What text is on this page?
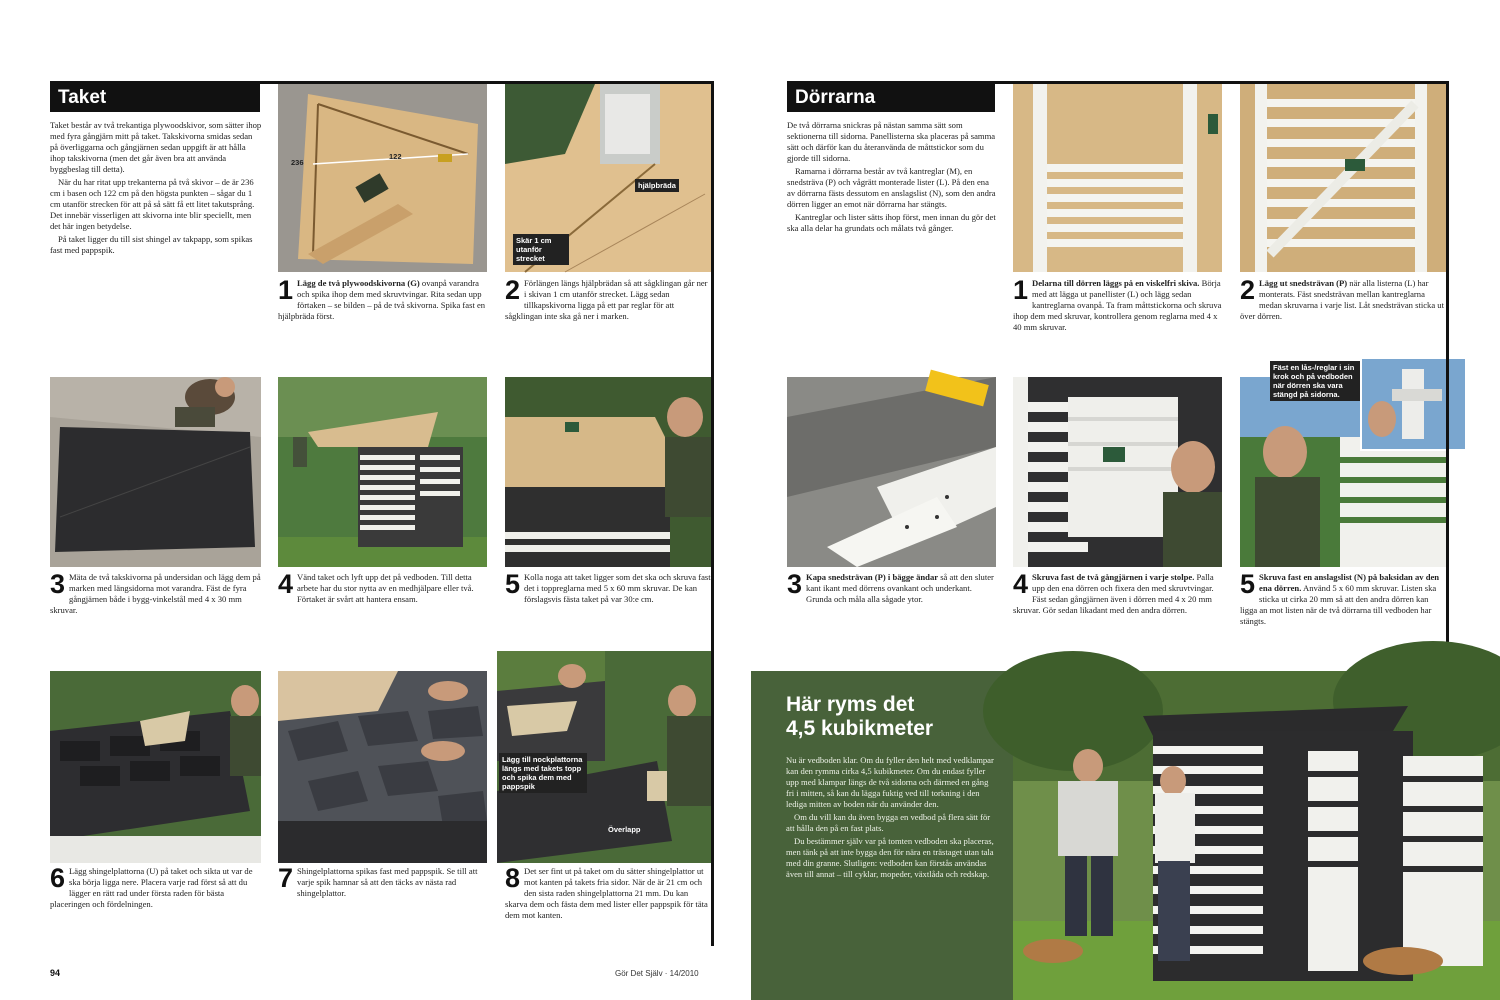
Taket

Taket består av två trekantiga plywoodskivor, som sätter ihop med fyra gångjärn mitt på taket. Takskivorna smidas sedan på överliggarna och gångjärnen sedan uppgift är att hålla ihop takskivorna (men det går även bra att använda byggbeslag till detta).

När du har ritat upp trekanterna på två skivor – de är 236 cm i basen och 122 cm på den högsta punkten – sågar du 1 cm utanför strecken för att på så sätt få ett litet takutsprång. Det innebär visserligen att skivorna inte blir speciellt, men det här ingen betydelse.

På taket ligger du till sist shingel av takpapp, som spikas fast med pappspik.

122
236
hjälpbräda
Skär 1 cm utanför strecket
1 Lägg de två plywoodskivorna (G) ovanpå varandra och spika ihop dem med skruvtvingar. Rita sedan upp förtaken – se bilden – på de två skivorna. Spika fast en hjälpbräda först.
2 Förlängen längs hjälpbrädan så att sågklingan går ner i skivan 1 cm utanför strecket. Lägg sedan tillkapskivorna ligga på ett par reglar för att sågklingan inte ska gå ner i marken.
3 Mäta de två takskivorna på undersidan och lägg dem på marken med längsidorna mot varandra. Fäst de fyra gångjärnen både i bygg-vinkelstål med 4 x 30 mm skruvar.
4 Vänd taket och lyft upp det på vedboden. Till detta arbete har du stor nytta av en medhjälpare eller två. Förtaket är svårt att hantera ensam.	5 Kolla noga att taket ligger som det ska och skruva fast det i toppreglarna med 5 x 60 mm skruvar. De kan förslagsvis fästa taket på var 30:e cm.
Lägg till nockplattorna längs med takets topp och spika dem med pappspik
Överlapp
6 Lägg shingelplattorna (U) på taket och sikta ut var de ska börja ligga nere. Placera varje rad först så att du lägger en rätt rad under första raden för bästa placeringen och fördelningen.
7 Shingelplattorna spikas fast med pappspik. Se till att varje spik hamnar så att den täcks av nästa rad shingelplattor.	8 Det ser fint ut på taket om du sätter shingelplattor ut mot kanten på takets fria sidor. När de är 21 cm och den sista raden shingelplattorna 21 mm. Du kan skarva dem och fästa dem med lister eller pappspik för täta dem mot kanten.
94	Gör Det Själv · 14/2010
Dörrarna

De två dörrarna snickras på nästan samma sätt som sektionerna till sidorna. Panellisterna ska placeras på samma sätt och därför kan du återanvända de måttstickor som du gjorde till sidorna.

Ramarna i dörrarna består av två kantreglar (M), en snedsträva (P) och vågrätt monterade lister (L). På den ena av dörrarna fästs dessutom en anslagslist (N), som den andra dörren ligger an emot när dörrarna har stängts.

Kantreglar och lister sätts ihop först, men innan du gör det ska alla delar ha grundats och målats två gånger.

1 Delarna till dörren läggs på en viskelfri skiva. Börja med att lägga ut panellister (L) och lägg sedan kantreglarna ovanpå. Ta fram måttstickorna och skruva ihop dem med skruvar, kontrollera genom reglarna med 4 x 40 mm skruvar.
2 Lägg ut snedsträvan (P) när alla listerna (L) har monterats. Fäst snedsträvan mellan kantreglarna medan skruvarna i varje list. Låt snedsträvan sticka ut över dörren.
Fäst en lås-/reglar i sin krok och på vedboden när dörren ska vara stängd på sidorna.
3 Kapa snedsträvan (P) i bägge ändar så att den sluter kant ikant med dörrens ovankant och underkant. Grunda och måla alla sågade ytor.	4 Skruva fast de två gångjärnen i varje stolpe. Palla upp den ena dörren och fixera den med skruvtvingar. Fäst sedan gångjärnen även i dörren med 4 x 20 mm skruvar. Gör sedan likadant med den andra dörren.
5 Skruva fast en anslagslist (N) på baksidan av den ena dörren. Använd 5 x 60 mm skruvar. Listen ska sticka ut cirka 20 mm så att den andra dörren kan ligga an mot listen när de två dörrarna till vedboden har stängts.
Här ryms det
4,5 kubikmeter

Nu är vedboden klar. Om du fyller den helt med vedklampar kan den rymma cirka 4,5 kubikmeter. Om du endast fyller upp med klampar längs de två sidorna och därmed en gång fri i mitten, så kan du lägga fuktig ved till torkning i den lediga mitten av boden när du använder den.

Om du vill kan du även bygga en vedbod på flera sätt för att hålla den på en fast plats.

Du bestämmer själv var på tomten vedboden ska placeras, men tänk på att inte bygga den för nära en trästaget utan tala med din granne. Slutligen: vedboden kan förstås användas även till annat – till cyklar, mopeder, växtlåda och redskap.
